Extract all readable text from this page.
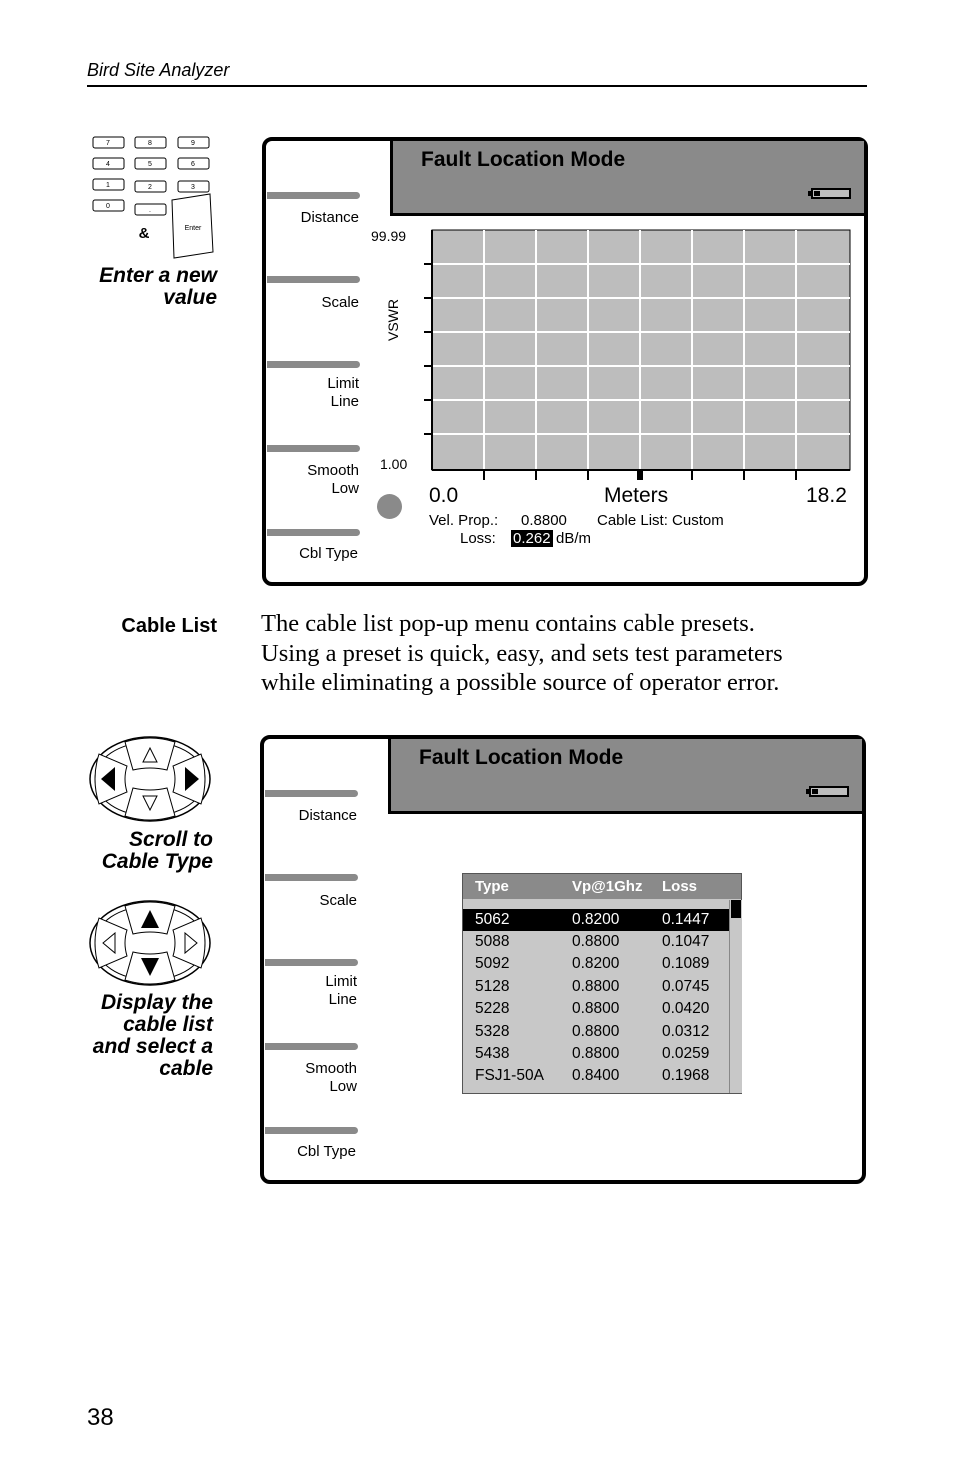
Bird Site Analyzer
7	8	9
4	5	6
1	2	3
0
.
Enter
&
Enter a new
value
Fault Location Mode
Distance
Scale
Limit
Line
Smooth
Low
Cbl Type
99.99
1.00
VSWR
0.0	Meters	18.2
Vel. Prop.: 0.8800 Cable List: Custom
Loss: 0.262 dB/m
Cable List The cable list pop-up menu contains cable presets.
Using a preset is quick, easy, and sets test parameters
while eliminating a possible source of operator error.
Scroll to
Cable Type
Display the
cable list
and select a
cable
Fault Location Mode
Distance
Scale
Limit
Line
Smooth
Low
Cbl Type
Type	Vp@1Ghz Loss
5062	0.8200	0.1447
5088	0.8800	0.1047
5092	0.8200	0.1089
5128	0.8800	0.0745
5228	0.8800	0.0420
5328	0.8800	0.0312
5438	0.8800	0.0259
FSJ1-50A 0.8400	0.1968
38
